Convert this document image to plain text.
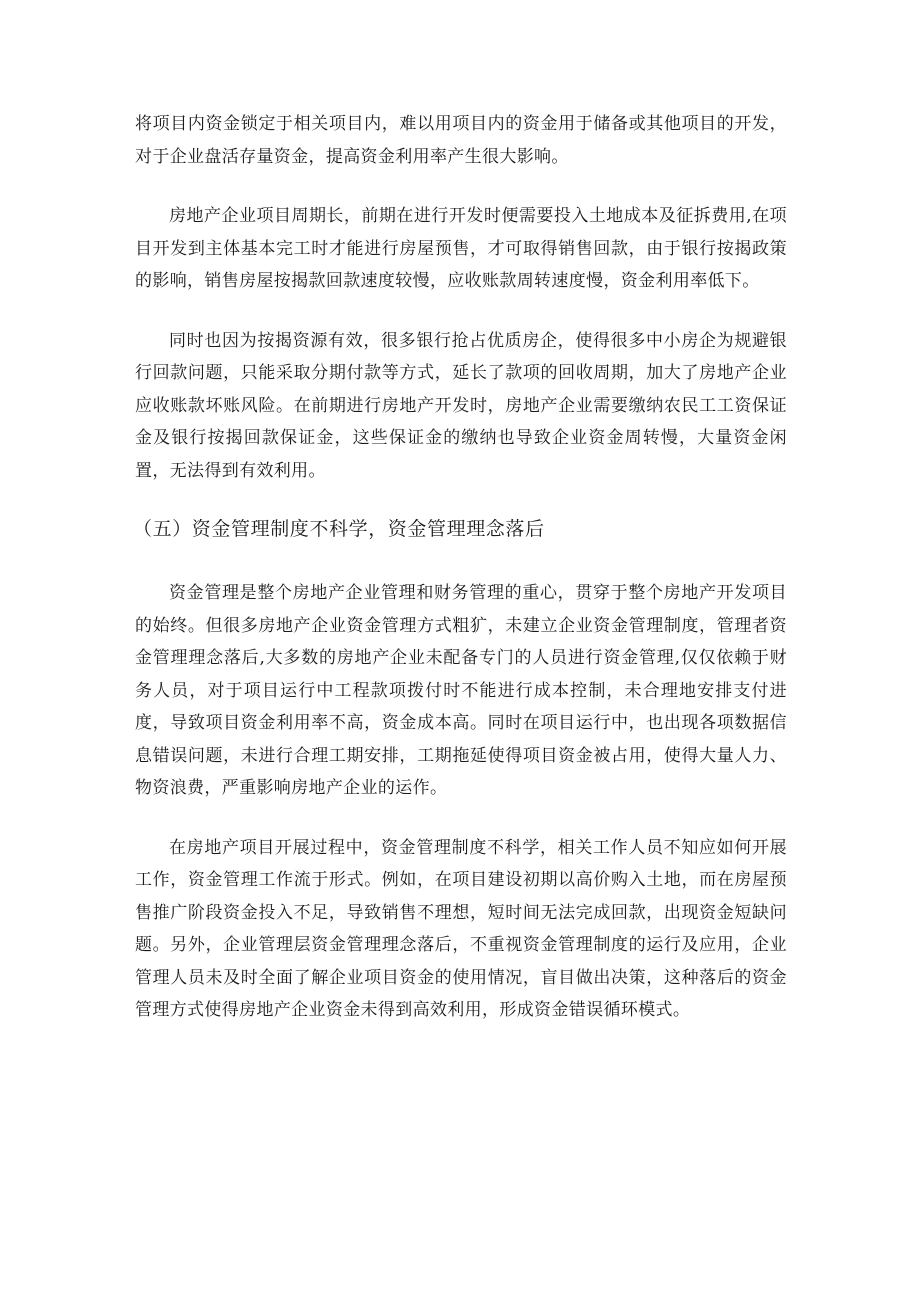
将项目内资金锁定于相关项目内，难以用项目内的资金用于储备或其他项目的开发，对于企业盘活存量资金，提高资金利用率产生很大影响。

房地产企业项目周期长，前期在进行开发时便需要投入土地成本及征拆费用,在项目开发到主体基本完工时才能进行房屋预售，才可取得销售回款，由于银行按揭政策的影响，销售房屋按揭款回款速度较慢，应收账款周转速度慢，资金利用率低下。

同时也因为按揭资源有效，很多银行抢占优质房企，使得很多中小房企为规避银行回款问题，只能采取分期付款等方式，延长了款项的回收周期，加大了房地产企业应收账款坏账风险。在前期进行房地产开发时，房地产企业需要缴纳农民工工资保证金及银行按揭回款保证金，这些保证金的缴纳也导致企业资金周转慢，大量资金闲置，无法得到有效利用。

（五）资金管理制度不科学，资金管理理念落后

资金管理是整个房地产企业管理和财务管理的重心，贯穿于整个房地产开发项目的始终。但很多房地产企业资金管理方式粗犷，未建立企业资金管理制度，管理者资金管理理念落后,大多数的房地产企业未配备专门的人员进行资金管理,仅仅依赖于财务人员，对于项目运行中工程款项拨付时不能进行成本控制，未合理地安排支付进度，导致项目资金利用率不高，资金成本高。同时在项目运行中，也出现各项数据信息错误问题，未进行合理工期安排，工期拖延使得项目资金被占用，使得大量人力、物资浪费，严重影响房地产企业的运作。

在房地产项目开展过程中，资金管理制度不科学，相关工作人员不知应如何开展工作，资金管理工作流于形式。例如，在项目建设初期以高价购入土地，而在房屋预售推广阶段资金投入不足，导致销售不理想，短时间无法完成回款，出现资金短缺问题。另外，企业管理层资金管理理念落后，不重视资金管理制度的运行及应用，企业管理人员未及时全面了解企业项目资金的使用情况，盲目做出决策，这种落后的资金管理方式使得房地产企业资金未得到高效利用，形成资金错误循环模式。
